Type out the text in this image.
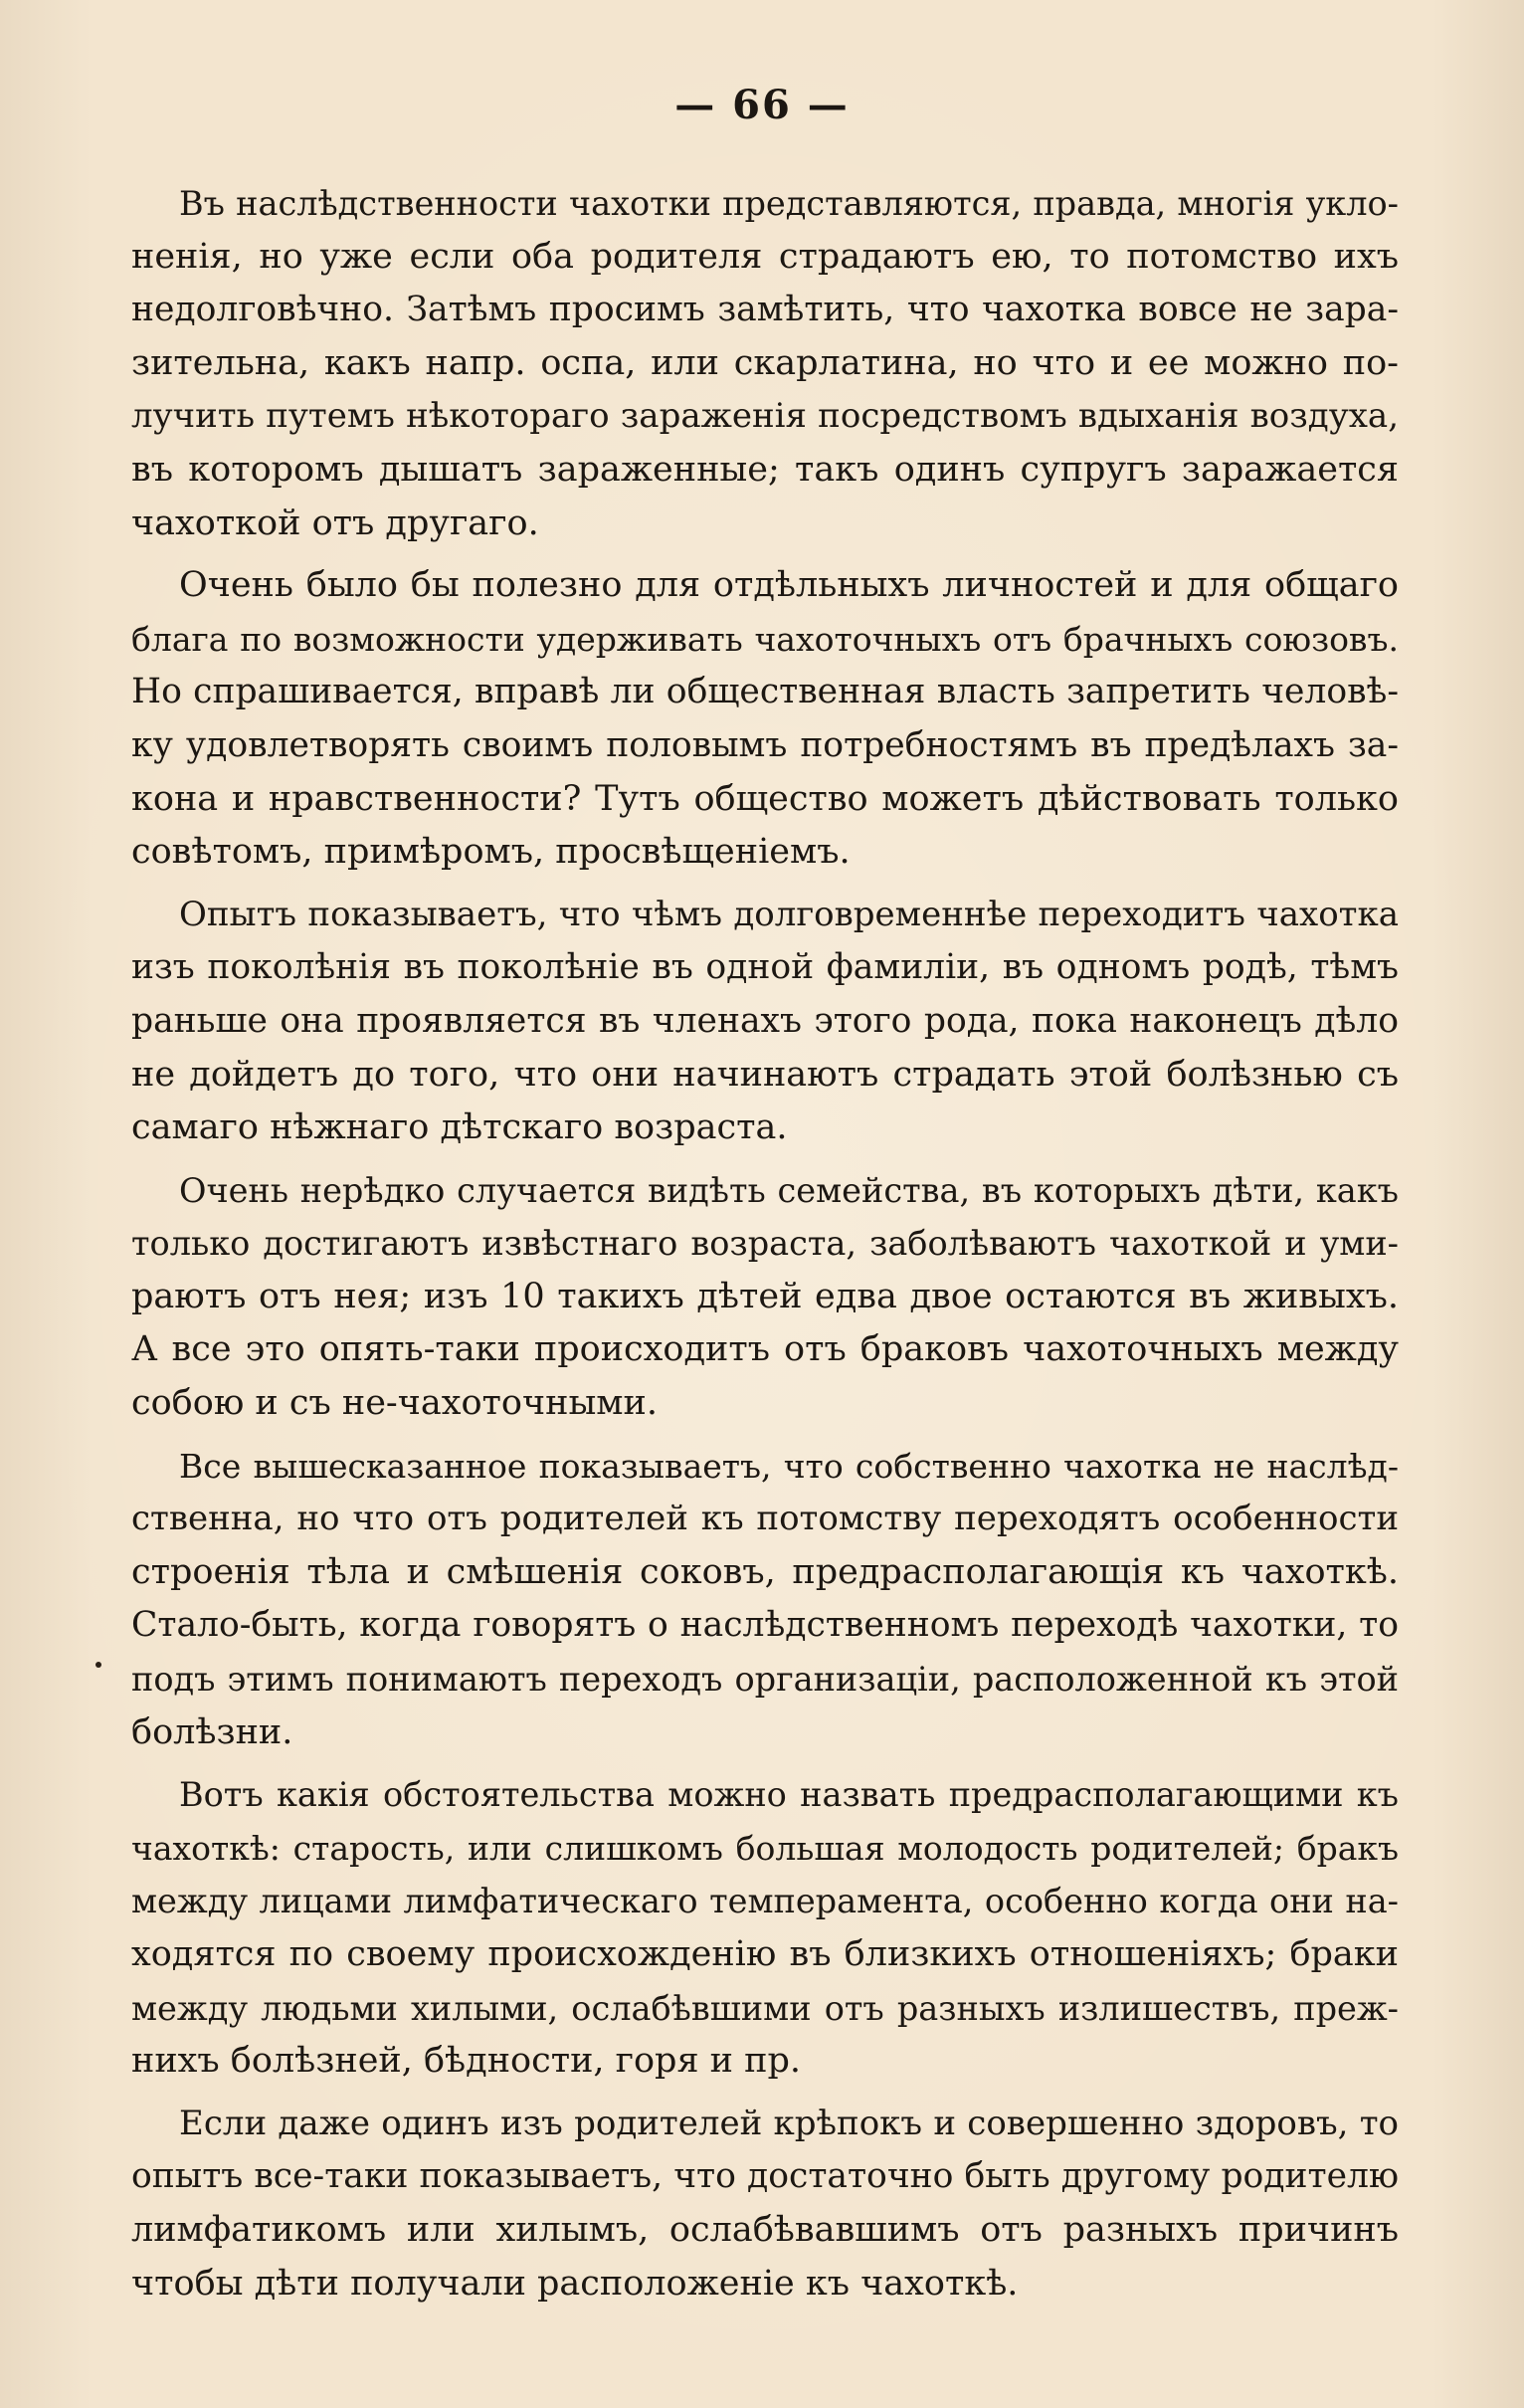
— 66 —
Въ наслѣдственности чахотки представляются, правда, многія укло-
ненія, но уже если оба родителя страдаютъ ею, то потомство ихъ
недолговѣчно. Затѣмъ просимъ замѣтить, что чахотка вовсе не зара-
зительна, какъ напр. оспа, или скарлатина, но что и ее можно по-
лучить путемъ нѣкотораго зараженія посредствомъ вдыханія воздуха,
въ которомъ дышатъ зараженные; такъ одинъ супругъ заражается
чахоткой отъ другаго.
Очень было бы полезно для отдѣльныхъ личностей и для общаго
блага по возможности удерживать чахоточныхъ отъ брачныхъ союзовъ.
Но спрашивается, вправѣ ли общественная власть запретить человѣ-
ку удовлетворять своимъ половымъ потребностямъ въ предѣлахъ за-
кона и нравственности? Тутъ общество можетъ дѣйствовать только
совѣтомъ, примѣромъ, просвѣщеніемъ.
Опытъ показываетъ, что чѣмъ долговременнѣе переходитъ чахотка
изъ поколѣнія въ поколѣніе въ одной фамиліи, въ одномъ родѣ, тѣмъ
раньше она проявляется въ членахъ этого рода, пока наконецъ дѣло
не дойдетъ до того, что они начинаютъ страдать этой болѣзнью съ
самаго нѣжнаго дѣтскаго возраста.
Очень нерѣдко случается видѣть семейства, въ которыхъ дѣти, какъ
только достигаютъ извѣстнаго возраста, заболѣваютъ чахоткой и уми-
раютъ отъ нея; изъ 10 такихъ дѣтей едва двое остаются въ живыхъ.
А все это опять-таки происходитъ отъ браковъ чахоточныхъ между
собою и съ не-чахоточными.
Все вышесказанное показываетъ, что собственно чахотка не наслѣд-
ственна, но что отъ родителей къ потомству переходятъ особенности
строенія тѣла и смѣшенія соковъ, предрасполагающія къ чахоткѣ.
Стало-быть, когда говорятъ о наслѣдственномъ переходѣ чахотки, то
подъ этимъ понимаютъ переходъ организаціи, расположенной къ этой
болѣзни.
Вотъ какія обстоятельства можно назвать предрасполагающими къ
чахоткѣ: старость, или слишкомъ большая молодость родителей; бракъ
между лицами лимфатическаго темперамента, особенно когда они на-
ходятся по своему происхожденію въ близкихъ отношеніяхъ; браки
между людьми хилыми, ослабѣвшими отъ разныхъ излишествъ, преж-
нихъ болѣзней, бѣдности, горя и пр.
Если даже одинъ изъ родителей крѣпокъ и совершенно здоровъ, то
опытъ все-таки показываетъ, что достаточно быть другому родителю
лимфатикомъ или хилымъ, ослабѣвавшимъ отъ разныхъ причинъ
чтобы дѣти получали расположеніе къ чахоткѣ.
